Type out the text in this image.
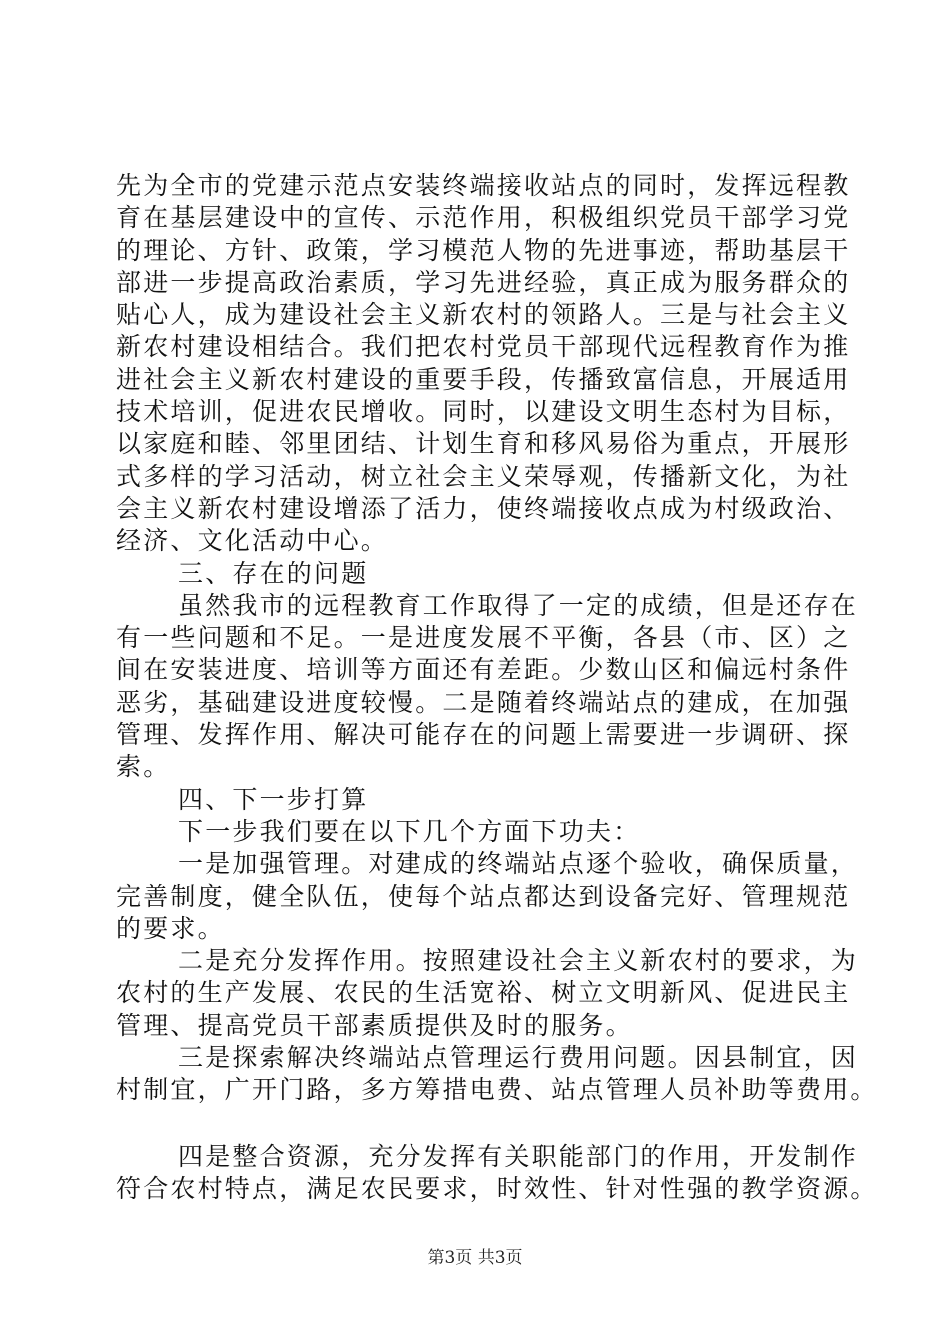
先为全市的党建示范点安装终端接收站点的同时，发挥远程教
育在基层建设中的宣传、示范作用，积极组织党员干部学习党
的理论、方针、政策，学习模范人物的先进事迹，帮助基层干
部进一步提高政治素质，学习先进经验，真正成为服务群众的
贴心人，成为建设社会主义新农村的领路人。三是与社会主义
新农村建设相结合。我们把农村党员干部现代远程教育作为推
进社会主义新农村建设的重要手段，传播致富信息，开展适用
技术培训，促进农民增收。同时，以建设文明生态村为目标，
以家庭和睦、邻里团结、计划生育和移风易俗为重点，开展形
式多样的学习活动，树立社会主义荣辱观，传播新文化，为社
会主义新农村建设增添了活力，使终端接收点成为村级政治、
经济、文化活动中心。
三、存在的问题
虽然我市的远程教育工作取得了一定的成绩，但是还存在
有一些问题和不足。一是进度发展不平衡，各县（市、区）之
间在安装进度、培训等方面还有差距。少数山区和偏远村条件
恶劣，基础建设进度较慢。二是随着终端站点的建成，在加强
管理、发挥作用、解决可能存在的问题上需要进一步调研、探
索。
四、下一步打算
下一步我们要在以下几个方面下功夫：
一是加强管理。对建成的终端站点逐个验收，确保质量，
完善制度，健全队伍，使每个站点都达到设备完好、管理规范
的要求。
二是充分发挥作用。按照建设社会主义新农村的要求，为
农村的生产发展、农民的生活宽裕、树立文明新风、促进民主
管理、提高党员干部素质提供及时的服务。
三是探索解决终端站点管理运行费用问题。因县制宜，因
村制宜，广开门路，多方筹措电费、站点管理人员补助等费用。
四是整合资源，充分发挥有关职能部门的作用，开发制作
符合农村特点，满足农民要求，时效性、针对性强的教学资源。
第3页 共3页
